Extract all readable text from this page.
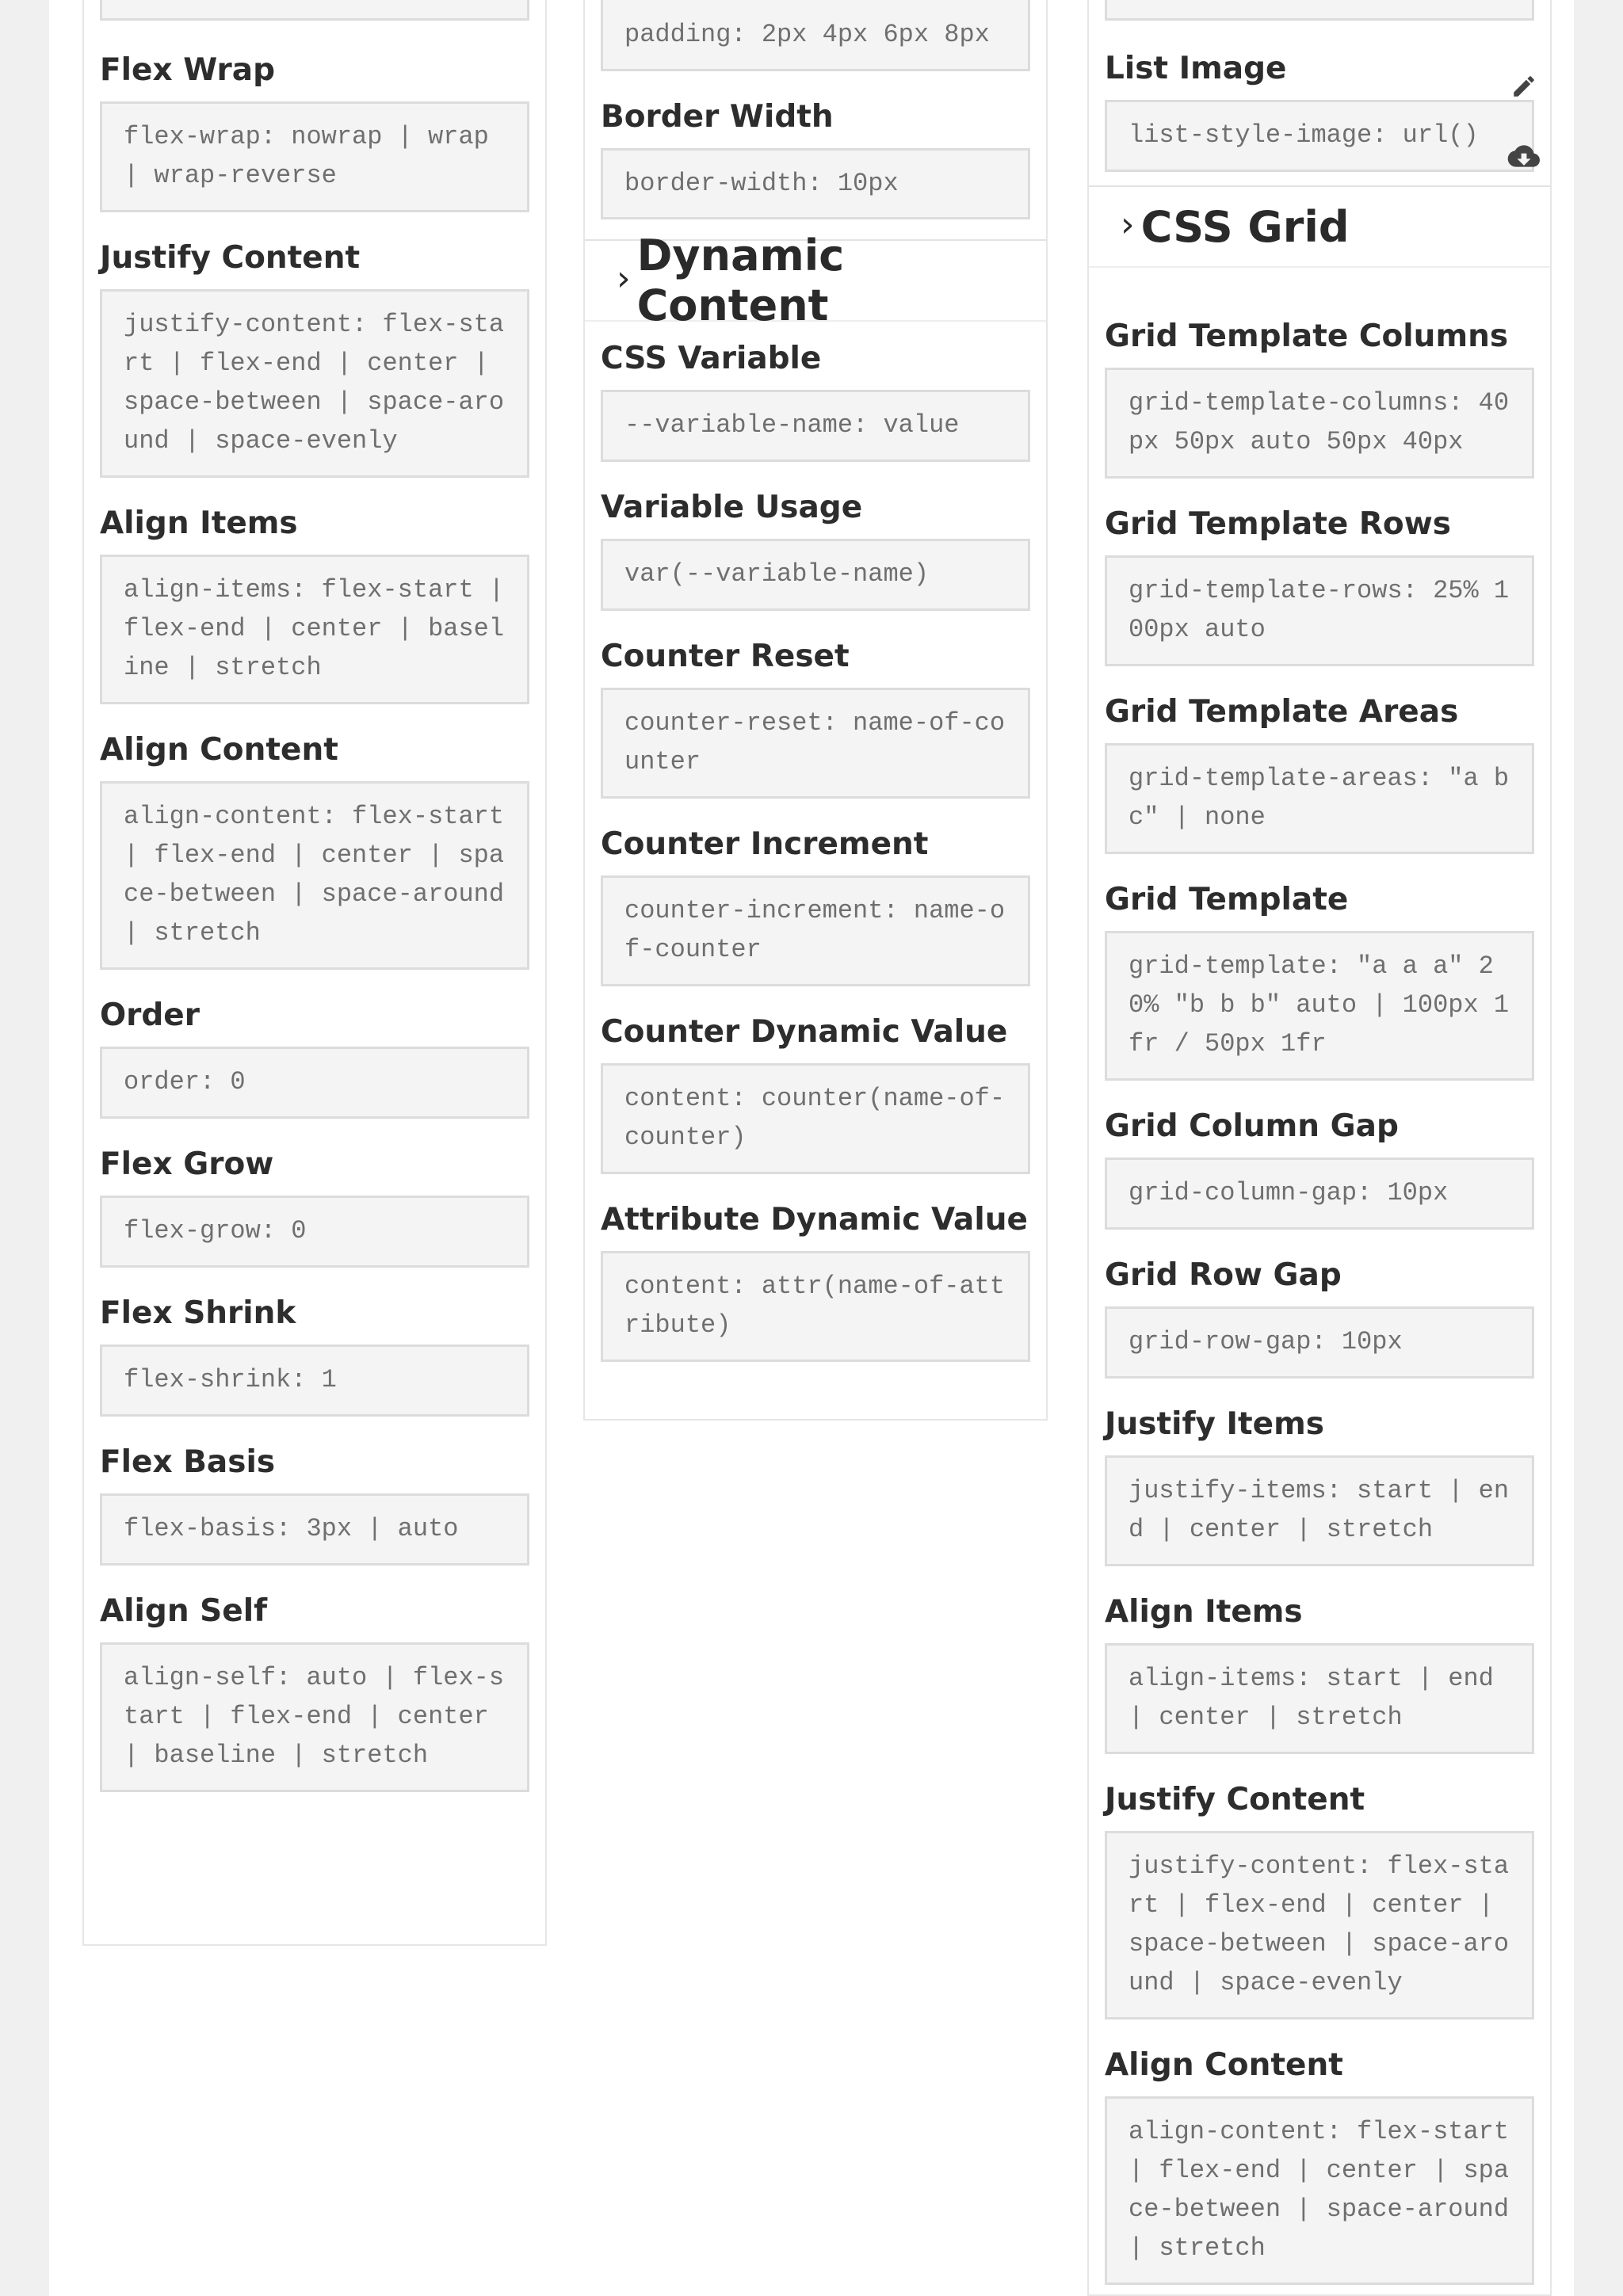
Flex Wrap
flex-wrap: nowrap | wrap | wrap-reverse
Justify Content
justify-content: flex-start | flex-end | center | space-between | space-around | space-evenly
Align Items
align-items: flex-start | flex-end | center | baseline | stretch
Align Content
align-content: flex-start | flex-end | center | space-between | space-around | stretch
Order
order: 0
Flex Grow
flex-grow: 0
Flex Shrink
flex-shrink: 1
Flex Basis
flex-basis: 3px | auto
Align Self
align-self: auto | flex-start | flex-end | center | baseline | stretch
padding: 2px 4px 6px 8px
Border Width
border-width: 10px
› Dynamic Content
CSS Variable
--variable-name: value
Variable Usage
var(--variable-name)
Counter Reset
counter-reset: name-of-counter
Counter Increment
counter-increment: name-of-counter
Counter Dynamic Value
content: counter(name-of-counter)
Attribute Dynamic Value
content: attr(name-of-attribute)
List Image
list-style-image: url()
› CSS Grid
Grid Template Columns
grid-template-columns: 40px 50px auto 50px 40px
Grid Template Rows
grid-template-rows: 25% 100px auto
Grid Template Areas
grid-template-areas: "a b c" | none
Grid Template
grid-template: "a a a" 20% "b b b" auto | 100px 1fr / 50px 1fr
Grid Column Gap
grid-column-gap: 10px
Grid Row Gap
grid-row-gap: 10px
Justify Items
justify-items: start | end | center | stretch
Align Items
align-items: start | end | center | stretch
Justify Content
justify-content: flex-start | flex-end | center | space-between | space-around | space-evenly
Align Content
align-content: flex-start | flex-end | center | space-between | space-around | stretch
